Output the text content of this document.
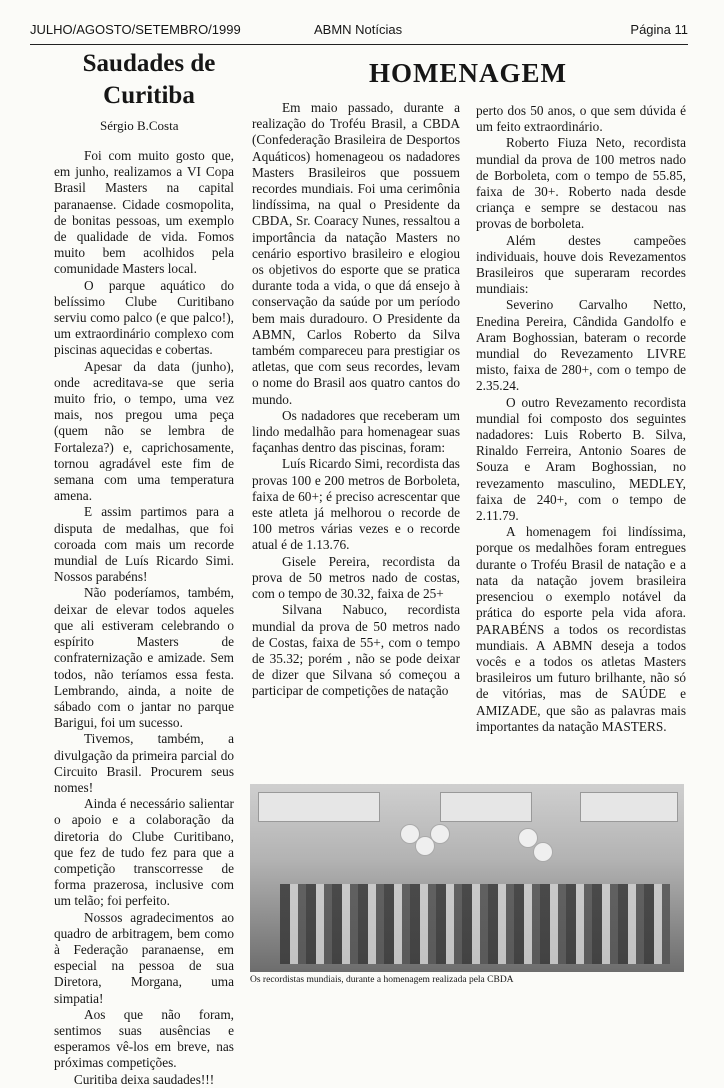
JULHO/AGOSTO/SETEMBRO/1999	ABMN Notícias	Página 11
Saudades de Curitiba
Sérgio B.Costa

Foi com muito gosto que, em junho, realizamos a VI Copa Brasil Masters na capital paranaense. Cidade cosmopolita, de bonitas pessoas, um exemplo de qualidade de vida. Fomos muito bem acolhidos pela comunidade Masters local.

O parque aquático do belíssimo Clube Curitibano serviu como palco (e que palco!), um extraordinário complexo com piscinas aquecidas e cobertas.

Apesar da data (junho), onde acreditava-se que seria muito frio, o tempo, uma vez mais, nos pregou uma peça (quem não se lembra de Fortaleza?) e, caprichosamente, tornou agradável este fim de semana com uma temperatura amena.

E assim partimos para a disputa de medalhas, que foi coroada com mais um recorde mundial de Luís Ricardo Simi. Nossos parabéns!

Não poderíamos, também, deixar de elevar todos aqueles que ali estiveram celebrando o espírito Masters de confraternização e amizade. Sem todos, não teríamos essa festa. Lembrando, ainda, a noite de sábado com o jantar no parque Barigui, foi um sucesso.

Tivemos, também, a divulgação da primeira parcial do Circuito Brasil. Procurem seus nomes!

Ainda é necessário salientar o apoio e a colaboração da diretoria do Clube Curitibano, que fez de tudo fez para que a competição transcorresse de forma prazerosa, inclusive com um telão; foi perfeito.

Nossos agradecimentos ao quadro de arbitragem, bem como à Federação paranaense, em especial na pessoa de sua Diretora, Morgana, uma simpatia!

Aos que não foram, sentimos suas ausências e esperamos vê-los em breve, nas próximas competições.

Curitiba deixa saudades!!!

HOMENAGEM

Em maio passado, durante a realização do Troféu Brasil, a CBDA (Confederação Brasileira de Desportos Aquáticos) homenageou os nadadores Masters Brasileiros que possuem recordes mundiais. Foi uma cerimônia lindíssima, na qual o Presidente da CBDA, Sr. Coaracy Nunes, ressaltou a importância da natação Masters no cenário esportivo brasileiro e elogiou os objetivos do esporte que se pratica durante toda a vida, o que dá ensejo à conservação da saúde por um período bem mais duradouro. O Presidente da ABMN, Carlos Roberto da Silva também compareceu para prestigiar os atletas, que com seus recordes, levam o nome do Brasil aos quatro cantos do mundo.

Os nadadores que receberam um lindo medalhão para homenagear suas façanhas dentro das piscinas, foram:

Luís Ricardo Simi, recordista das provas 100 e 200 metros de Borboleta, faixa de 60+; é preciso acrescentar que este atleta já melhorou o recorde de 100 metros várias vezes e o recorde atual é de 1.13.76.

Gisele Pereira, recordista da prova de 50 metros nado de costas, com o tempo de 30.32, faixa de 25+

Silvana Nabuco, recordista mundial da prova de 50 metros nado de Costas, faixa de 55+, com o tempo de 35.32; porém , não se pode deixar de dizer que Silvana só começou a participar de competições de natação

perto dos 50 anos, o que sem dúvida é um feito extraordinário.

Roberto Fiuza Neto, recordista mundial da prova de 100 metros nado de Borboleta, com o tempo de 55.85, faixa de 30+. Roberto nada desde criança e sempre se destacou nas provas de borboleta.

Além destes campeões individuais, houve dois Revezamentos Brasileiros que superaram recordes mundiais:

Severino Carvalho Netto, Enedina Pereira, Cândida Gandolfo e Aram Boghossian, bateram o recorde mundial do Revezamento LIVRE misto, faixa de 280+, com o tempo de 2.35.24.

O outro Revezamento recordista mundial foi composto dos seguintes nadadores: Luis Roberto B. Silva, Rinaldo Ferreira, Antonio Soares de Souza e Aram Boghossian, no revezamento masculino, MEDLEY, faixa de 240+, com o tempo de 2.11.79.

A homenagem foi lindíssima, porque os medalhões foram entregues durante o Troféu Brasil de natação e a nata da natação jovem brasileira presenciou o exemplo notável da prática do esporte pela vida afora. PARABÉNS a todos os recordistas mundiais. A ABMN deseja a todos vocês e a todos os atletas Masters brasileiros um futuro brilhante, não só de vitórias, mas de SAÚDE e AMIZADE, que são as palavras mais importantes da natação MASTERS.

Os recordistas mundiais, durante a homenagem realizada pela CBDA
